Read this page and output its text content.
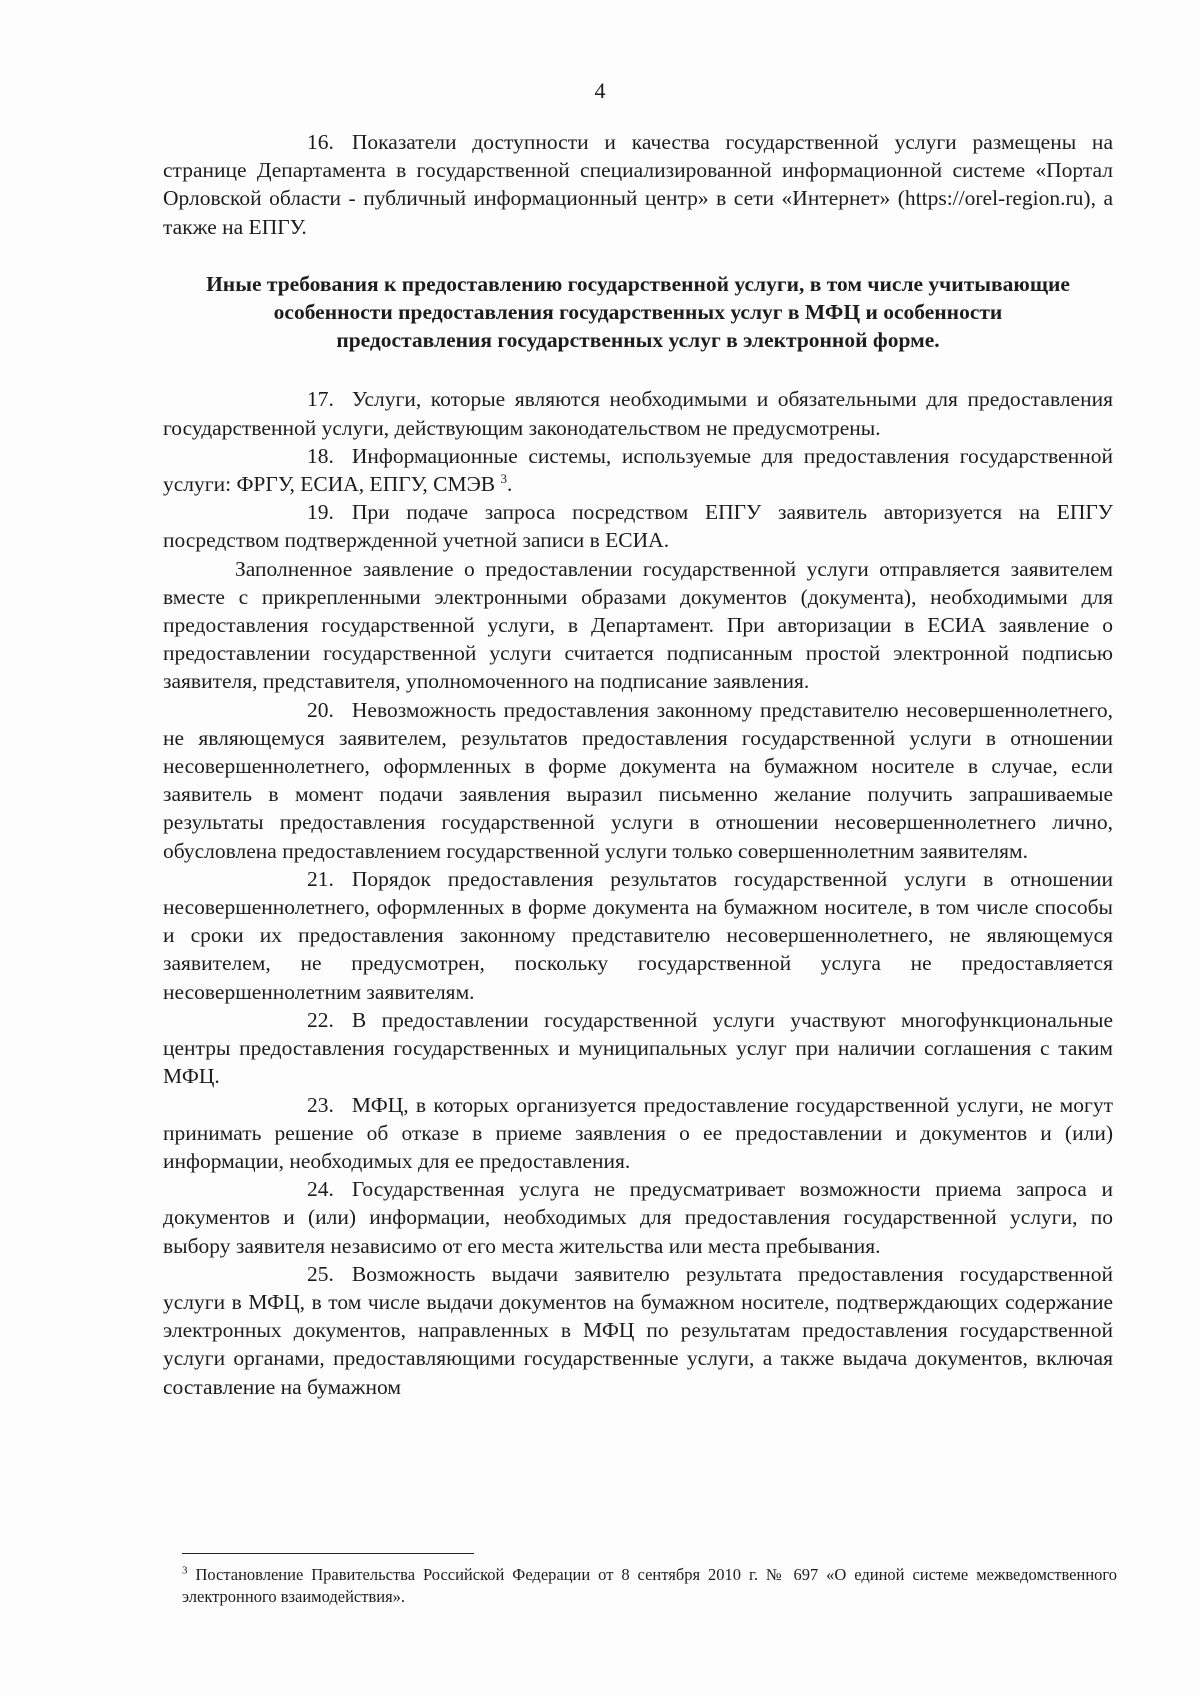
4

16. Показатели доступности и качества государственной услуги размещены на странице Департамента в государственной специализированной информационной системе «Портал Орловской области - публичный информационный центр» в сети «Интернет» (https://orel-region.ru), а также на ЕПГУ.

Иные требования к предоставлению государственной услуги, в том числе учитывающие особенности предоставления государственных услуг в МФЦ и особенности предоставления государственных услуг в электронной форме.

17. Услуги, которые являются необходимыми и обязательными для предоставления государственной услуги, действующим законодательством не предусмотрены.

18. Информационные системы, используемые для предоставления государственной услуги: ФРГУ, ЕСИА, ЕПГУ, СМЭВ $^3$.

19. При подаче запроса посредством ЕПГУ заявитель авторизуется на ЕПГУ посредством подтвержденной учетной записи в ЕСИА.

Заполненное заявление о предоставлении государственной услуги отправляется заявителем вместе с прикрепленными электронными образами документов (документа), необходимыми для предоставления государственной услуги, в Департамент. При авторизации в ЕСИА заявление о предоставлении государственной услуги считается подписанным простой электронной подписью заявителя, представителя, уполномоченного на подписание заявления.

20. Невозможность предоставления законному представителю несовершеннолетнего, не являющемуся заявителем, результатов предоставления государственной услуги в отношении несовершеннолетнего, оформленных в форме документа на бумажном носителе в случае, если заявитель в момент подачи заявления выразил письменно желание получить запрашиваемые результаты предоставления государственной услуги в отношении несовершеннолетнего лично, обусловлена предоставлением государственной услуги только совершеннолетним заявителям.

21. Порядок предоставления результатов государственной услуги в отношении несовершеннолетнего, оформленных в форме документа на бумажном носителе, в том числе способы и сроки их предоставления законному представителю несовершеннолетнего, не являющемуся заявителем, не предусмотрен, поскольку государственной услуга не предоставляется несовершеннолетним заявителям.

22. В предоставлении государственной услуги участвуют многофункциональные центры предоставления государственных и муниципальных услуг при наличии соглашения с таким МФЦ.

23. МФЦ, в которых организуется предоставление государственной услуги, не могут принимать решение об отказе в приеме заявления о ее предоставлении и документов и (или) информации, необходимых для ее предоставления.

24. Государственная услуга не предусматривает возможности приема запроса и документов и (или) информации, необходимых для предоставления государственной услуги, по выбору заявителя независимо от его места жительства или места пребывания.

25. Возможность выдачи заявителю результата предоставления государственной услуги в МФЦ, в том числе выдачи документов на бумажном носителе, подтверждающих содержание электронных документов, направленных в МФЦ по результатам предоставления государственной услуги органами, предоставляющими государственные услуги, а также выдача документов, включая составление на бумажном

$^3$ Постановление Правительства Российской Федерации от 8 сентября 2010 г. № 697 «О единой системе межведомственного электронного взаимодействия».
